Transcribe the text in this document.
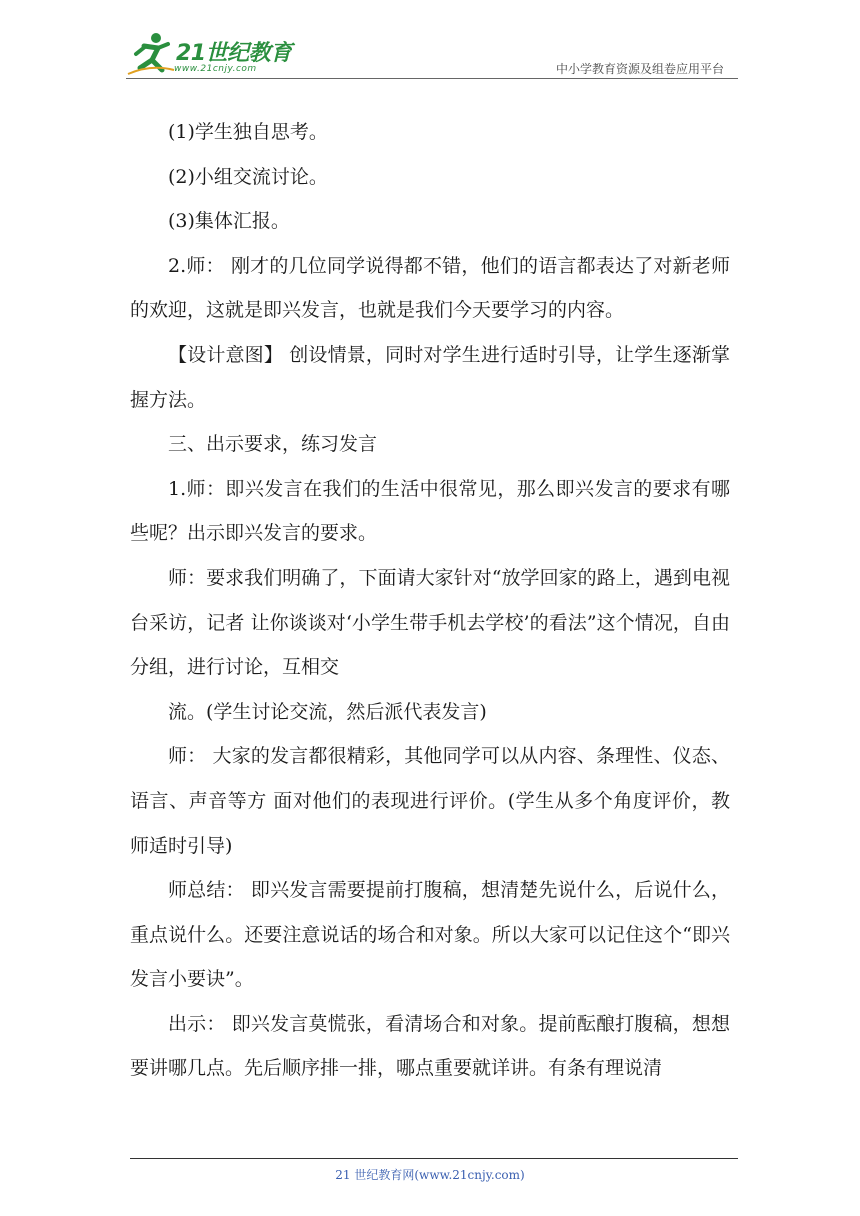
21世纪教育
www.21cnjy.com	中小学教育资源及组卷应用平台

(1)学生独自思考。

(2)小组交流讨论。

(3)集体汇报。

2.师： 刚才的几位同学说得都不错，他们的语言都表达了对新老师的欢迎，这就是即兴发言，也就是我们今天要学习的内容。

【设计意图】 创设情景，同时对学生进行适时引导，让学生逐渐掌握方法。

三、出示要求，练习发言

1.师：即兴发言在我们的生活中很常见，那么即兴发言的要求有哪些呢？出示即兴发言的要求。

师：要求我们明确了，下面请大家针对“放学回家的路上，遇到电视台采访，记者 让你谈谈对‘小学生带手机去学校’的看法”这个情况，自由分组，进行讨论，互相交

流。(学生讨论交流，然后派代表发言)

师： 大家的发言都很精彩，其他同学可以从内容、条理性、仪态、语言、声音等方 面对他们的表现进行评价。(学生从多个角度评价，教师适时引导)

师总结： 即兴发言需要提前打腹稿，想清楚先说什么，后说什么，重点说什么。还要注意说话的场合和对象。所以大家可以记住这个“即兴发言小要诀”。

出示： 即兴发言莫慌张，看清场合和对象。提前酝酿打腹稿，想想要讲哪几点。先后顺序排一排，哪点重要就详讲。有条有理说清

21 世纪教育网(www.21cnjy.com)
